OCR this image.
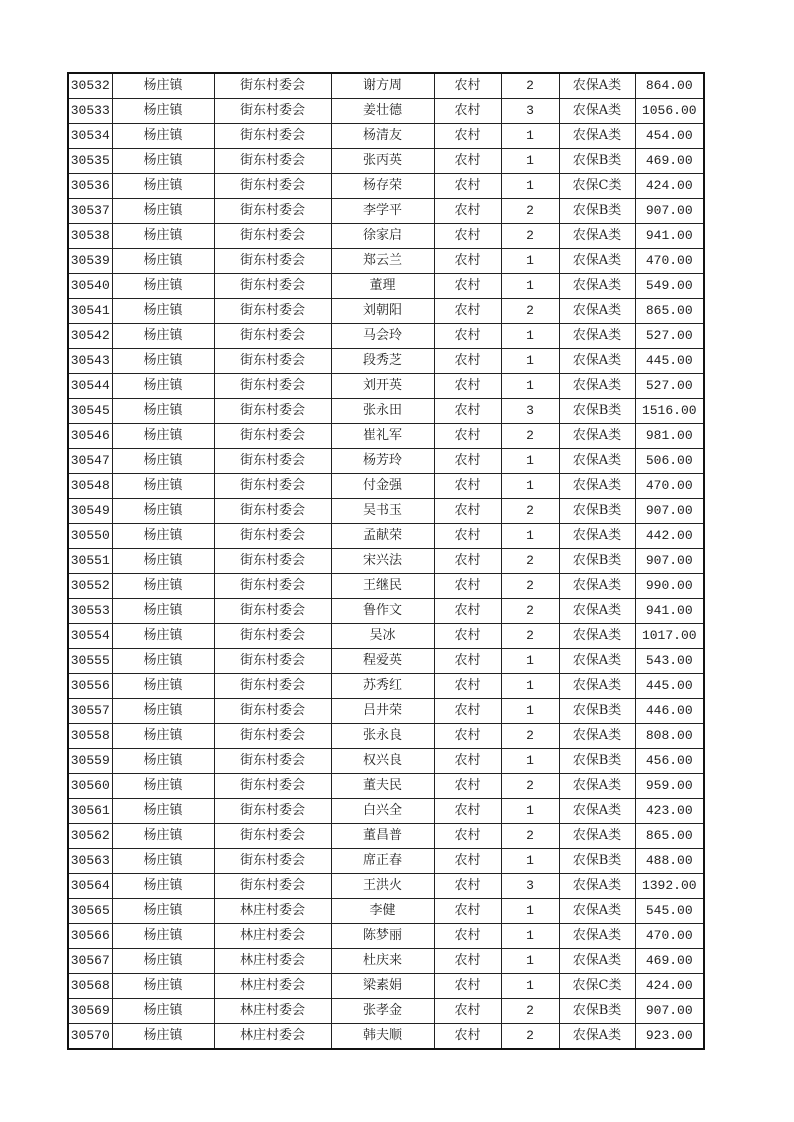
30532	杨庄镇	街东村委会	谢方周	农村	2	农保A类	864.00
30533	杨庄镇	街东村委会	姜壮德	农村	3	农保A类	1056.00
30534	杨庄镇	街东村委会	杨清友	农村	1	农保A类	454.00
30535	杨庄镇	街东村委会	张丙英	农村	1	农保B类	469.00
30536	杨庄镇	街东村委会	杨存荣	农村	1	农保C类	424.00
30537	杨庄镇	街东村委会	李学平	农村	2	农保B类	907.00
30538	杨庄镇	街东村委会	徐家启	农村	2	农保A类	941.00
30539	杨庄镇	街东村委会	郑云兰	农村	1	农保A类	470.00
30540	杨庄镇	街东村委会	董理	农村	1	农保A类	549.00
30541	杨庄镇	街东村委会	刘朝阳	农村	2	农保A类	865.00
30542	杨庄镇	街东村委会	马会玲	农村	1	农保A类	527.00
30543	杨庄镇	街东村委会	段秀芝	农村	1	农保A类	445.00
30544	杨庄镇	街东村委会	刘开英	农村	1	农保A类	527.00
30545	杨庄镇	街东村委会	张永田	农村	3	农保B类	1516.00
30546	杨庄镇	街东村委会	崔礼军	农村	2	农保A类	981.00
30547	杨庄镇	街东村委会	杨芳玲	农村	1	农保A类	506.00
30548	杨庄镇	街东村委会	付金强	农村	1	农保A类	470.00
30549	杨庄镇	街东村委会	吴书玉	农村	2	农保B类	907.00
30550	杨庄镇	街东村委会	孟献荣	农村	1	农保A类	442.00
30551	杨庄镇	街东村委会	宋兴法	农村	2	农保B类	907.00
30552	杨庄镇	街东村委会	王继民	农村	2	农保A类	990.00
30553	杨庄镇	街东村委会	鲁作文	农村	2	农保A类	941.00
30554	杨庄镇	街东村委会	吴冰	农村	2	农保A类	1017.00
30555	杨庄镇	街东村委会	程爱英	农村	1	农保A类	543.00
30556	杨庄镇	街东村委会	苏秀红	农村	1	农保A类	445.00
30557	杨庄镇	街东村委会	吕井荣	农村	1	农保B类	446.00
30558	杨庄镇	街东村委会	张永良	农村	2	农保A类	808.00
30559	杨庄镇	街东村委会	权兴良	农村	1	农保B类	456.00
30560	杨庄镇	街东村委会	董夫民	农村	2	农保A类	959.00
30561	杨庄镇	街东村委会	白兴全	农村	1	农保A类	423.00
30562	杨庄镇	街东村委会	董昌普	农村	2	农保A类	865.00
30563	杨庄镇	街东村委会	席正春	农村	1	农保B类	488.00
30564	杨庄镇	街东村委会	王洪火	农村	3	农保A类	1392.00
30565	杨庄镇	林庄村委会	李健	农村	1	农保A类	545.00
30566	杨庄镇	林庄村委会	陈梦丽	农村	1	农保A类	470.00
30567	杨庄镇	林庄村委会	杜庆来	农村	1	农保A类	469.00
30568	杨庄镇	林庄村委会	梁素娟	农村	1	农保C类	424.00
30569	杨庄镇	林庄村委会	张孝金	农村	2	农保B类	907.00
30570	杨庄镇	林庄村委会	韩夫顺	农村	2	农保A类	923.00
